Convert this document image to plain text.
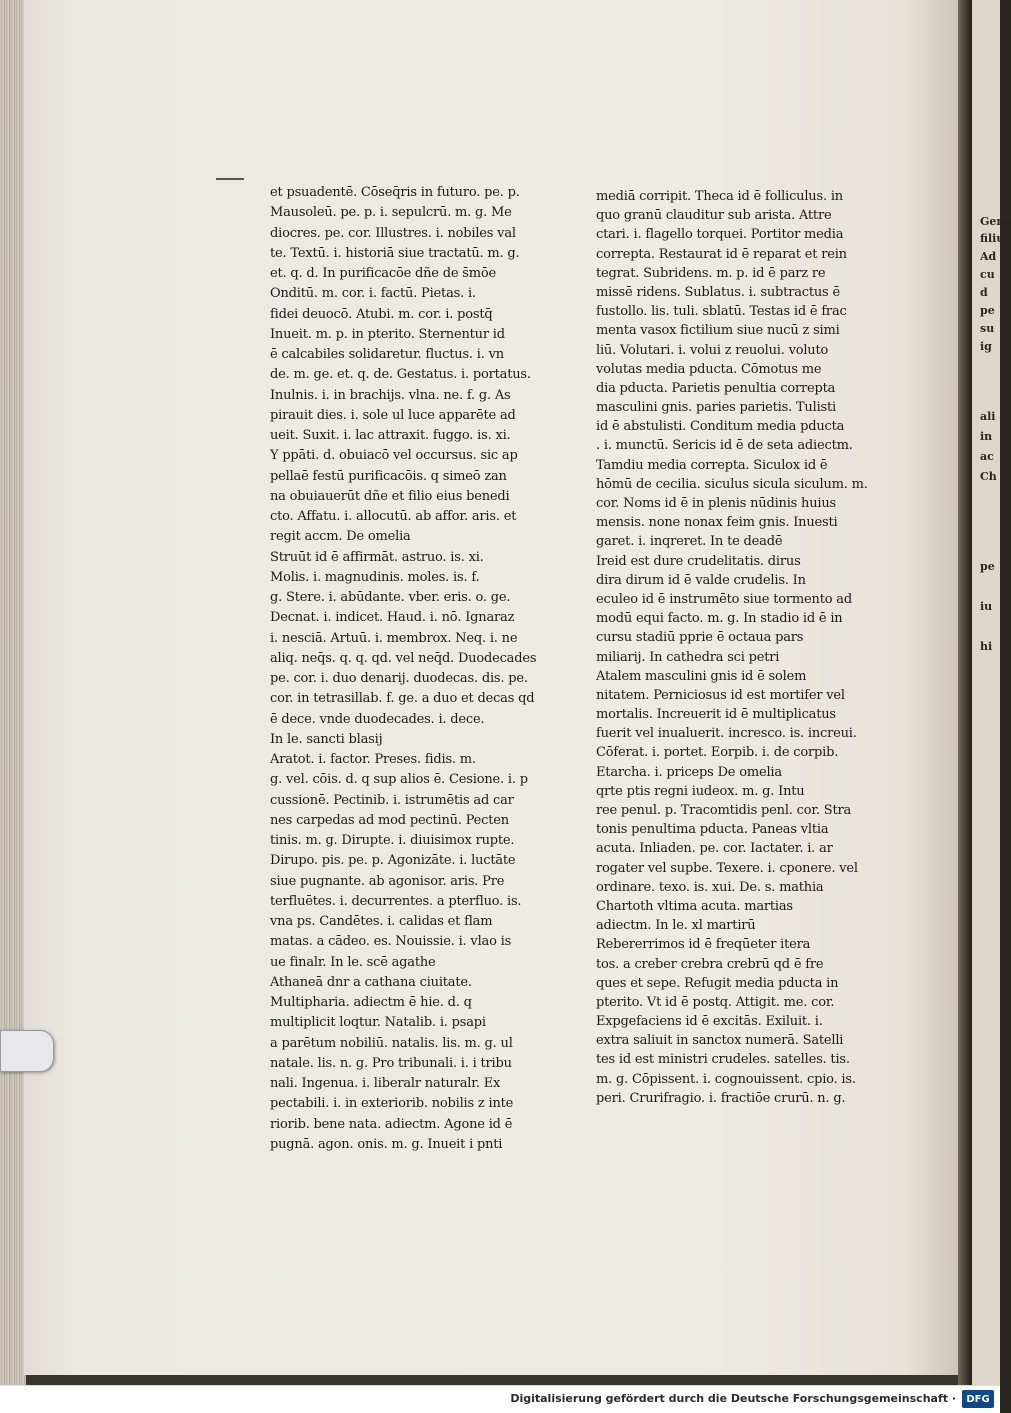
et psuadentē. Cōseq̄ris in futuro. pe. p.
Mausoleū. pe. p. i. sepulcrū. m. g. Me
diocres. pe. cor. Illustres. i. nobiles val
te. Textū. i. historiā siue tractatū. m. g.
et. q. d. In purificacōe dñe de s̄mōe
Onditū. m. cor. i. factū. Pietas. i.
fidei deuocō. Atubi. m. cor. i. postq̄
Inueit. m. p. in pterito. Sternentur id
ē calcabiles solidaretur. fluctus. i. vn
de. m. ge. et. q. de. Gestatus. i. portatus.
Inulnis. i. in brachijs. vlna. ne. f. g. As
pirauit dies. i. sole ul luce apparēte ad
ueit. Suxit. i. lac attraxit. fuggo. is. xi.
Y ppāti. d. obuiacō vel occursus. sic ap
pellaē festū purificacōis. q simeō zan
na obuiauerūt dñe et filio eius benedi
cto. Affatu. i. allocutū. ab affor. aris. et
regit accm. De omelia
Struūt id ē affirmāt. astruo. is. xi.
Molis. i. magnudinis. moles. is. f.
g. Stere. i. abūdante. vber. eris. o. ge.
Decnat. i. indicet. Haud. i. nō. Ignaraz
i. nesciā. Artuū. i. membrox. Neq. i. ne
aliq. neq̄s. q. q. qd. vel neq̄d. Duodecades
pe. cor. i. duo denarij. duodecas. dis. pe.
cor. in tetrasillab. f. ge. a duo et decas qd
ē dece. vnde duodecades. i. dece.
In le. sancti blasij
Aratot. i. factor. Preses. fidis. m.
g. vel. cōis. d. q sup alios ē. Cesione. i. p
cussionē. Pectinib. i. istrumētis ad car
nes carpedas ad mod pectinū. Pecten
tinis. m. g. Dirupte. i. diuisimox rupte.
Dirupo. pis. pe. p. Agonizāte. i. luctāte
siue pugnante. ab agonisor. aris. Pre
terfluētes. i. decurrentes. a pterfluo. is.
vna ps. Candētes. i. calidas et flam
matas. a cādeo. es. Nouissie. i. vlao is
ue finalr. In le. scē agathe
Athaneā dnr a cathana ciuitate.
Multipharia. adiectm ē hie. d. q
multiplicit loqtur. Natalib. i. psapi
a parētum nobiliū. natalis. lis. m. g. ul
natale. lis. n. g. Pro tribunali. i. i tribu
nali. Ingenua. i. liberalr naturalr. Ex
pectabili. i. in exteriorib. nobilis z inte
riorib. bene nata. adiectm. Agone id ē
pugnā. agon. onis. m. g. Inueit i pnti
mediā corripit. Theca id ē folliculus. in
quo granū clauditur sub arista. Attre
ctari. i. flagello torquei. Portitor media
correpta. Restaurat id ē reparat et rein
tegrat. Subridens. m. p. id ē parz re
missē ridens. Sublatus. i. subtractus ē
fustollo. lis. tuli. sblatū. Testas id ē frac
menta vasox fictilium siue nucū z simi
liū. Volutari. i. volui z reuolui. voluto
volutas media pducta. Cōmotus me
dia pducta. Parietis penultia correpta
masculini gnis. paries parietis. Tulisti
id ē abstulisti. Conditum media pducta
. i. munctū. Sericis id ē de seta adiectm.
Tamdiu media correpta. Siculox id ē
hōmū de cecilia. siculus sicula siculum. m.
cor. Noms id ē in plenis nūdinis huius
mensis. none nonax feim gnis. Inuesti
garet. i. inqreret. In te deadē
Ireid est dure crudelitatis. dirus
dira dirum id ē valde crudelis. In
eculeo id ē instrumēto siue tormento ad
modū equi facto. m. g. In stadio id ē in
cursu stadiū pprie ē octaua pars
miliarij. In cathedra sci petri
Atalem masculini gnis id ē solem
nitatem. Perniciosus id est mortifer vel
mortalis. Increuerit id ē multiplicatus
fuerit vel inualuerit. incresco. is. increui.
Cōferat. i. portet. Eorpib. i. de corpib.
Etarcha. i. priceps De omelia
qrte ptis regni iudeox. m. g. Intu
ree penul. p. Tracomtidis penl. cor. Stra
tonis penultima pducta. Paneas vltia
acuta. Inliaden. pe. cor. Iactater. i. ar
rogater vel supbe. Texere. i. cponere. vel
ordinare. texo. is. xui. De. s. mathia
Chartoth vltima acuta. martias
adiectm. In le. xl martirū
Rebererrimos id ē freqūeter itera
tos. a creber crebra crebrū qd ē fre
ques et sepe. Refugit media pducta in
pterito. Vt id ē postq. Attigit. me. cor.
Expgefaciens id ē excitās. Exiluit. i.
extra saliuit in sanctox numerā. Satelli
tes id est ministri crudeles. satelles. tis.
m. g. Cōpissent. i. cognouissent. cpio. is.
peri. Crurifragio. i. fractiōe crurū. n. g.
Gene
filiu
Ad
cu
d
pe
su
ig
ali
in
ac
Ch
pe
iu
hi
Digitalisierung gefördert durch die Deutsche Forschungsgemeinschaft ·	DFG
